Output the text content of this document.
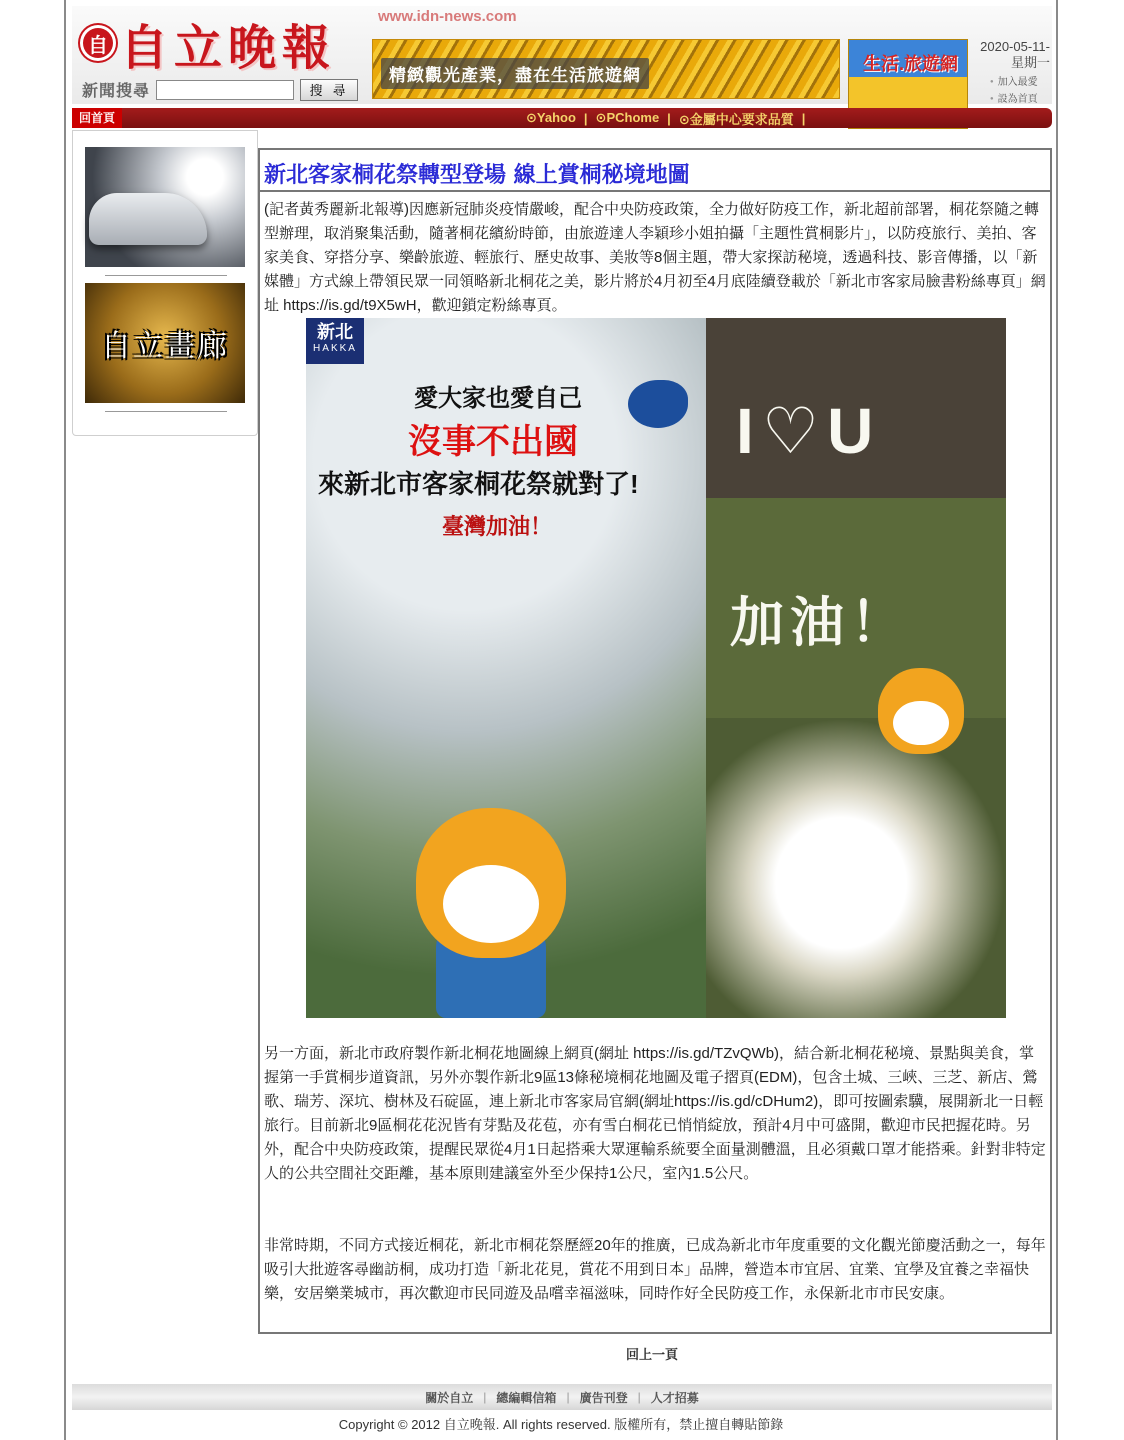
自 自立晚報
www.idn-news.com
新聞搜尋	搜 尋
精緻觀光產業，盡在生活旅遊網
生活.旅遊網
2020-05-11-
星期一
● 加入最愛
● 設為首頁
回首頁	⊙Yahoo | ⊙PChome | ⊙金屬中心要求品質 |
自立畫廊
新北客家桐花祭轉型登場 線上賞桐秘境地圖

(記者黃秀麗新北報導)因應新冠肺炎疫情嚴峻，配合中央防疫政策，全力做好防疫工作，新北超前部署，桐花祭隨之轉型辦理，取消聚集活動，隨著桐花繽紛時節，由旅遊達人李穎珍小姐拍攝「主題性賞桐影片」，以防疫旅行、美拍、客家美食、穿搭分享、樂齡旅遊、輕旅行、歷史故事、美妝等8個主題，帶大家探訪秘境，透過科技、影音傳播，以「新媒體」方式線上帶領民眾一同領略新北桐花之美，影片將於4月初至4月底陸續登載於「新北市客家局臉書粉絲專頁」網址 https://is.gd/t9X5wH，歡迎鎖定粉絲專頁。

新北
HAKKA
愛大家也愛自己
沒事不出國
來新北市客家桐花祭就對了!
臺灣加油！
I♡U
加油！

另一方面，新北市政府製作新北桐花地圖線上網頁(網址 https://is.gd/TZvQWb)，結合新北桐花秘境、景點與美食，掌握第一手賞桐步道資訊，另外亦製作新北9區13條秘境桐花地圖及電子摺頁(EDM)，包含土城、三峽、三芝、新店、鶯歌、瑞芳、深坑、樹林及石碇區，連上新北市客家局官網(網址https://is.gd/cDHum2)，即可按圖索驥，展開新北一日輕旅行。目前新北9區桐花花況皆有芽點及花苞，亦有雪白桐花已悄悄綻放，預計4月中可盛開，歡迎市民把握花時。另外，配合中央防疫政策，提醒民眾從4月1日起搭乘大眾運輸系統要全面量測體溫，且必須戴口罩才能搭乘。針對非特定人的公共空間社交距離，基本原則建議室外至少保持1公尺，室內1.5公尺。

非常時期，不同方式接近桐花，新北市桐花祭歷經20年的推廣，已成為新北市年度重要的文化觀光節慶活動之一，每年吸引大批遊客尋幽訪桐，成功打造「新北花見，賞花不用到日本」品牌，營造本市宜居、宜業、宜學及宜養之幸福快樂，安居樂業城市，再次歡迎市民同遊及品嚐幸福滋味，同時作好全民防疫工作，永保新北市市民安康。

回上一頁
關於自立 | 總編輯信箱 | 廣告刊登 | 人才招募
Copyright © 2012 自立晚報. All rights reserved. 版權所有，禁止擅自轉貼節錄
